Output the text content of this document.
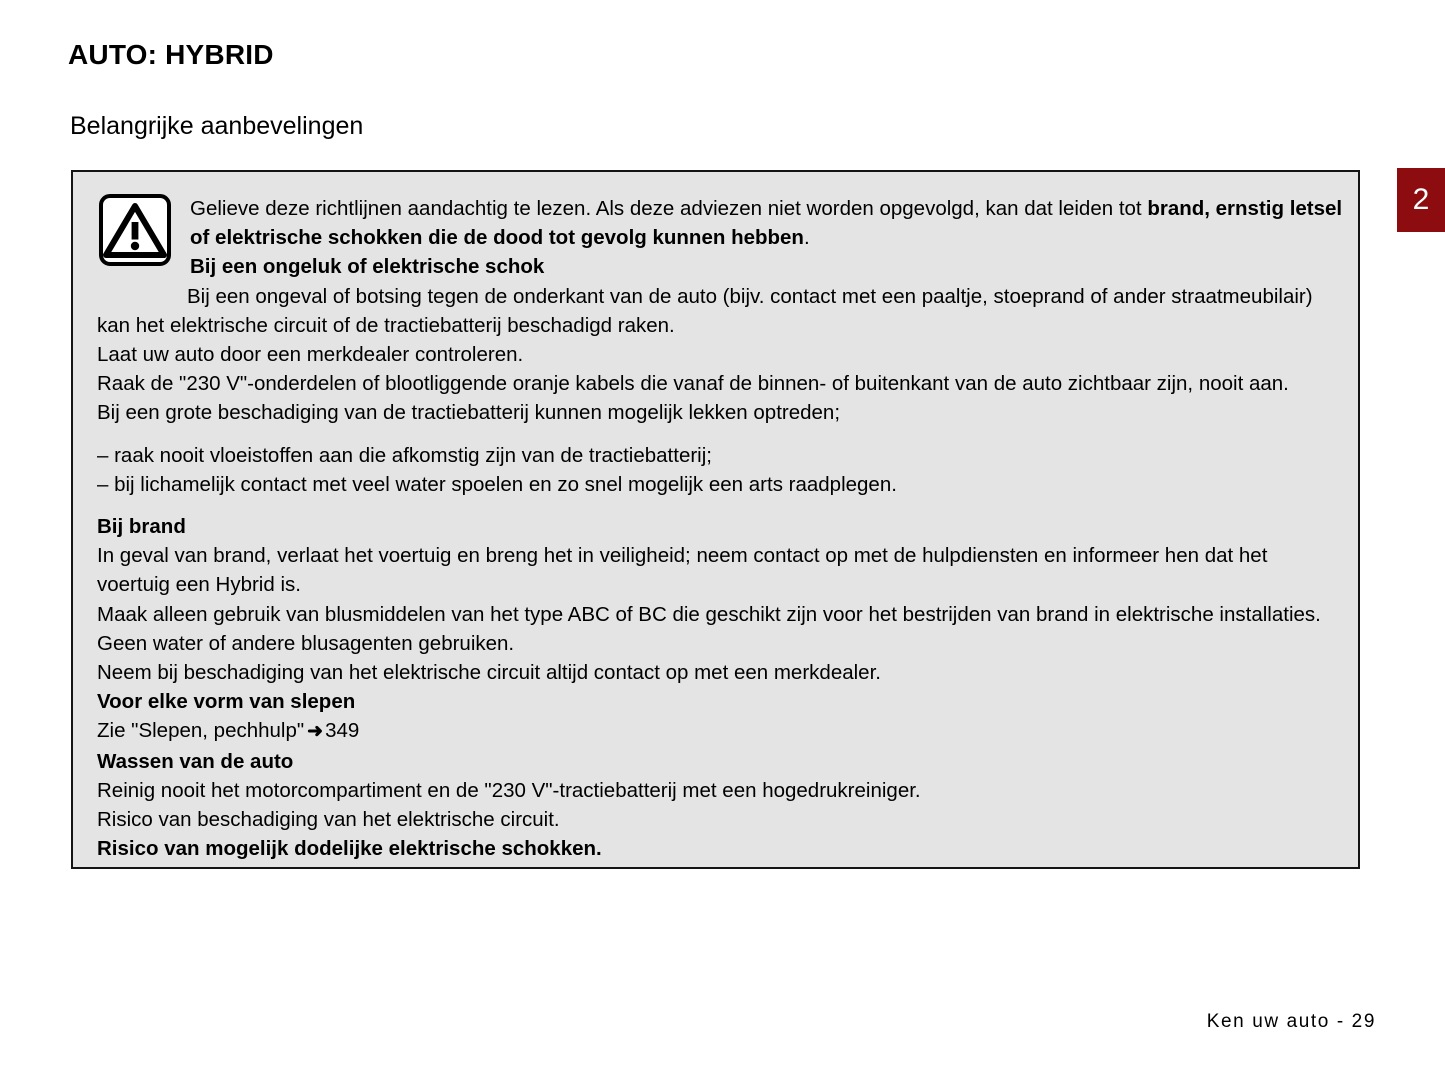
AUTO: HYBRID
Belangrijke aanbevelingen
2

Gelieve deze richtlijnen aandachtig te lezen. Als deze adviezen niet worden opgevolgd, kan dat leiden tot brand, ernstig letsel of elektrische schokken die de dood tot gevolg kunnen hebben.

Bij een ongeluk of elektrische schok

Bij een ongeval of botsing tegen de onderkant van de auto (bijv. contact met een paaltje, stoeprand of ander straatmeubilair) kan het elektrische circuit of de tractiebatterij beschadigd raken.

Laat uw auto door een merkdealer controleren.

Raak de "230 V"-onderdelen of blootliggende oranje kabels die vanaf de binnen- of buitenkant van de auto zichtbaar zijn, nooit aan.

Bij een grote beschadiging van de tractiebatterij kunnen mogelijk lekken optreden;

– raak nooit vloeistoffen aan die afkomstig zijn van de tractiebatterij;
– bij lichamelijk contact met veel water spoelen en zo snel mogelijk een arts raadplegen.

Bij brand

In geval van brand, verlaat het voertuig en breng het in veiligheid; neem contact op met de hulpdiensten en informeer hen dat het voertuig een Hybrid is.

Maak alleen gebruik van blusmiddelen van het type ABC of BC die geschikt zijn voor het bestrijden van brand in elektrische installaties. Geen water of andere blusagenten gebruiken.

Neem bij beschadiging van het elektrische circuit altijd contact op met een merkdealer.

Voor elke vorm van slepen

Zie "Slepen, pechhulp" ➜349

Wassen van de auto

Reinig nooit het motorcompartiment en de "230 V"-tractiebatterij met een hogedrukreiniger.

Risico van beschadiging van het elektrische circuit.

Risico van mogelijk dodelijke elektrische schokken.

Ken uw auto - 29
